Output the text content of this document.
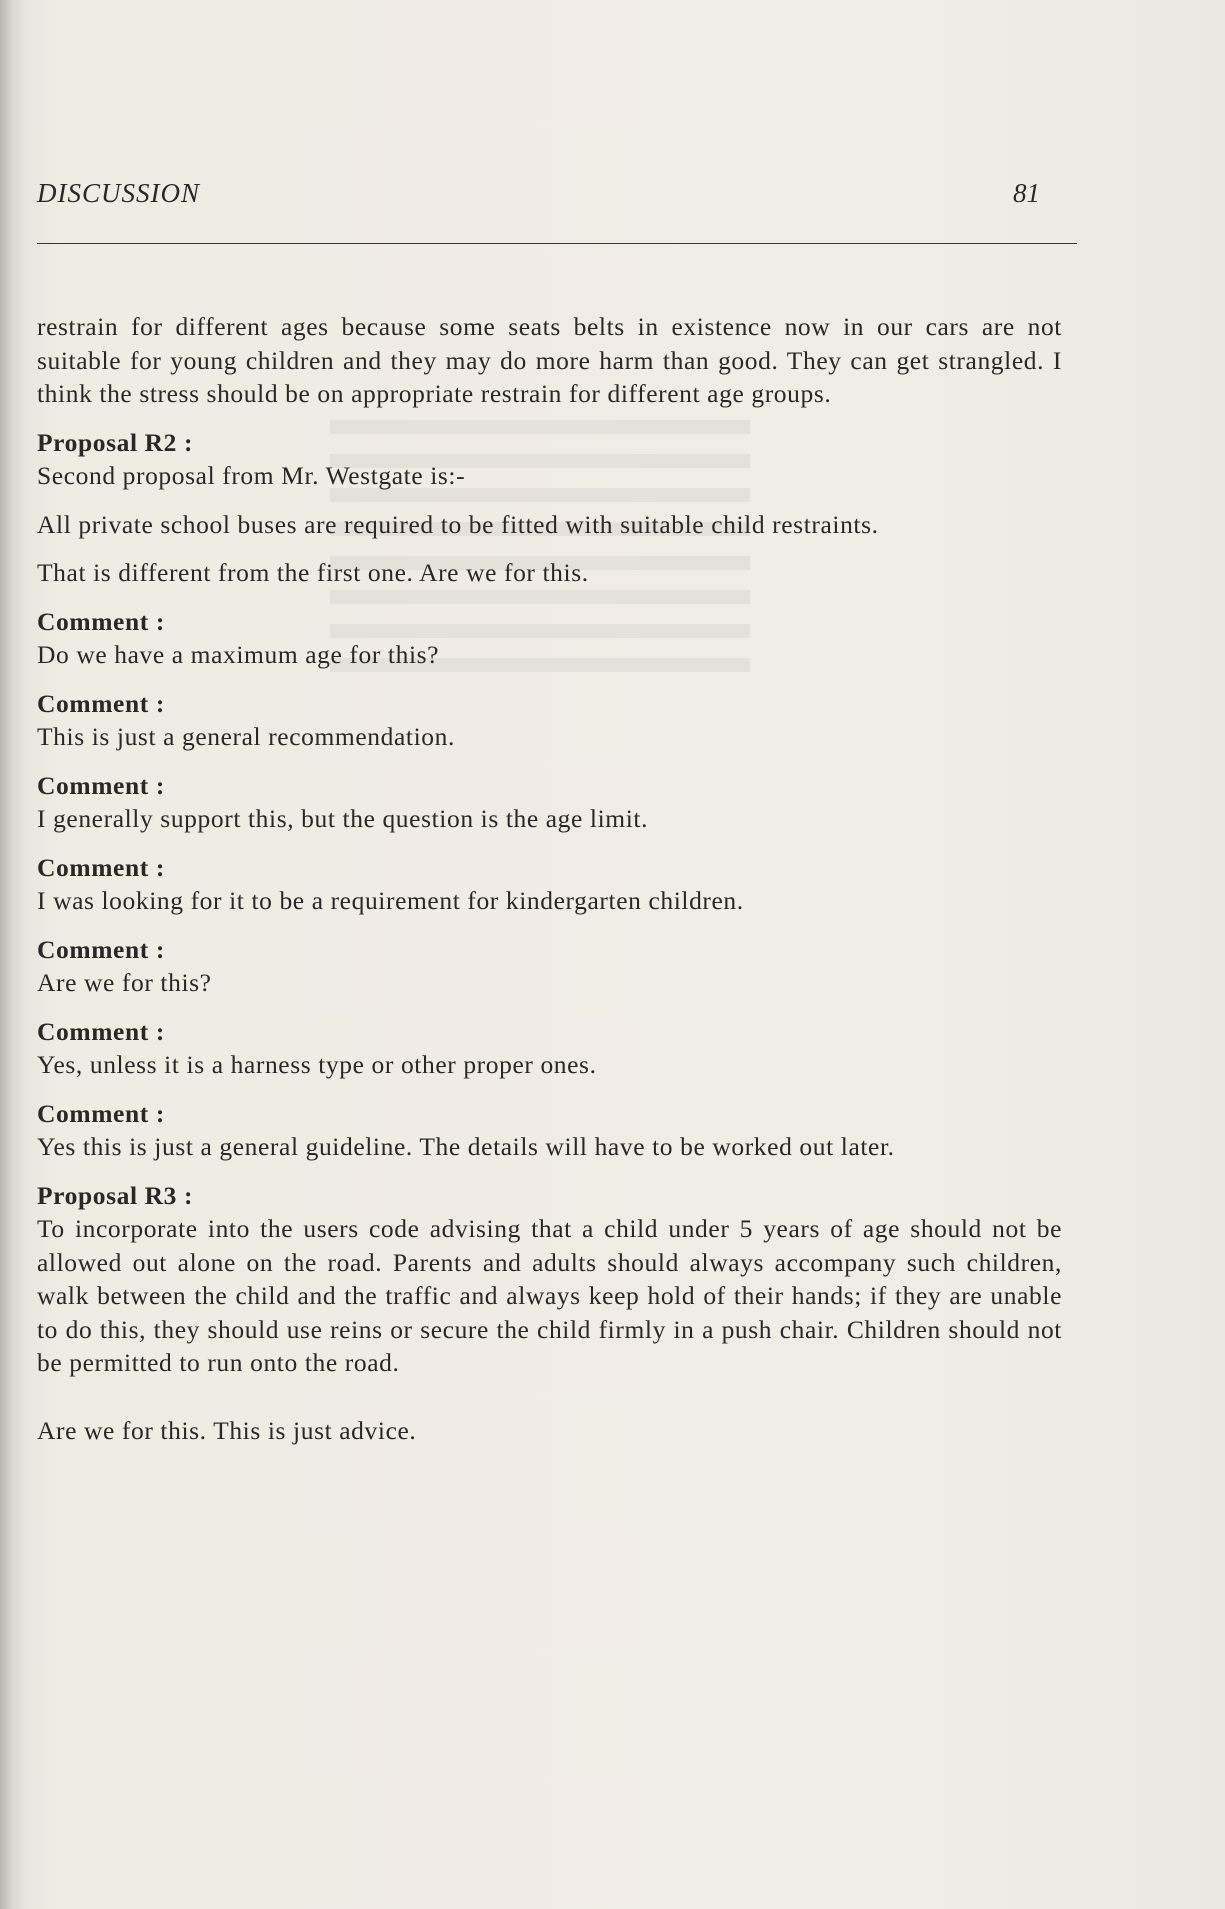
DISCUSSION	81

restrain for different ages because some seats belts in existence now in our cars are not suitable for young children and they may do more harm than good. They can get strangled. I think the stress should be on appropriate restrain for different age groups.

Proposal R2 :
Second proposal from Mr. Westgate is:-

All private school buses are required to be fitted with suitable child restraints.

That is different from the first one. Are we for this.

Comment :
Do we have a maximum age for this?
Comment :
This is just a general recommendation.
Comment :
I generally support this, but the question is the age limit.
Comment :
I was looking for it to be a requirement for kindergarten children.
Comment :
Are we for this?
Comment :
Yes, unless it is a harness type or other proper ones.
Comment :
Yes this is just a general guideline. The details will have to be worked out later.
Proposal R3 :
To incorporate into the users code advising that a child under 5 years of age should not be allowed out alone on the road. Parents and adults should always accompany such children, walk between the child and the traffic and always keep hold of their hands; if they are unable to do this, they should use reins or secure the child firmly in a push chair. Children should not be permitted to run onto the road.

Are we for this. This is just advice.
